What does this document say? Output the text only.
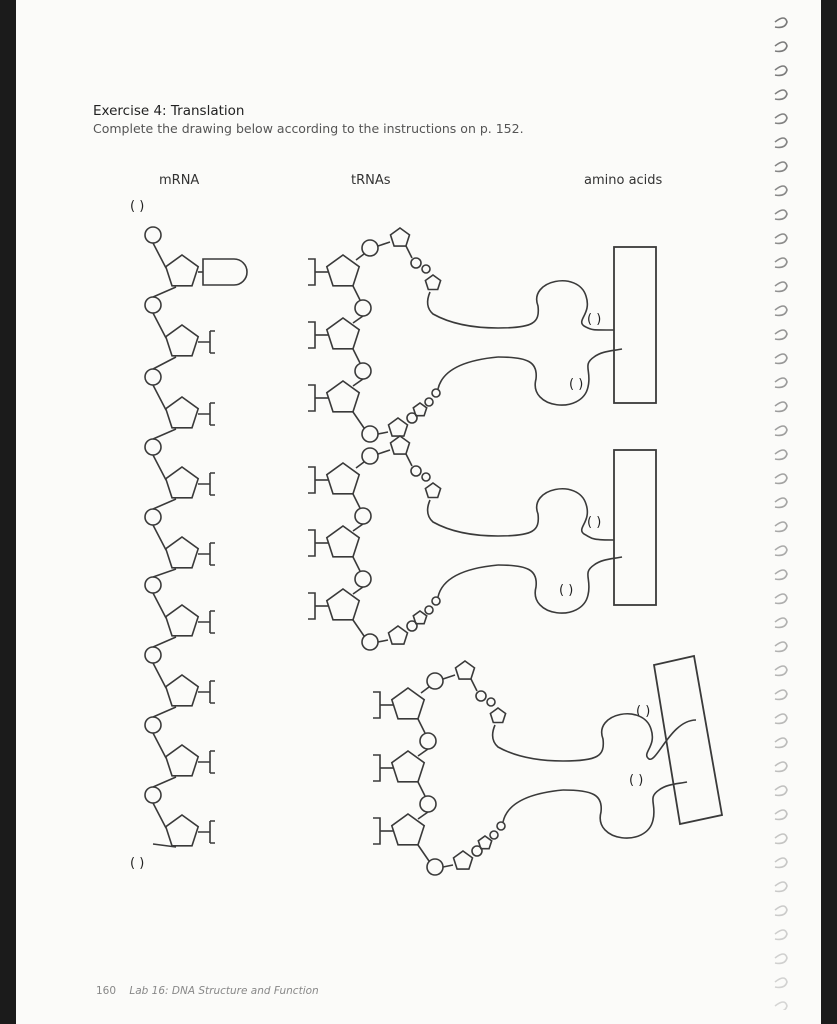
Exercise 4: Translation
Complete the drawing below according to the instructions on p. 152.
mRNA	tRNAs	amino acids
( )
( )
( )
( )
( )
( )
( )
( )
160 Lab 16: DNA Structure and Function
